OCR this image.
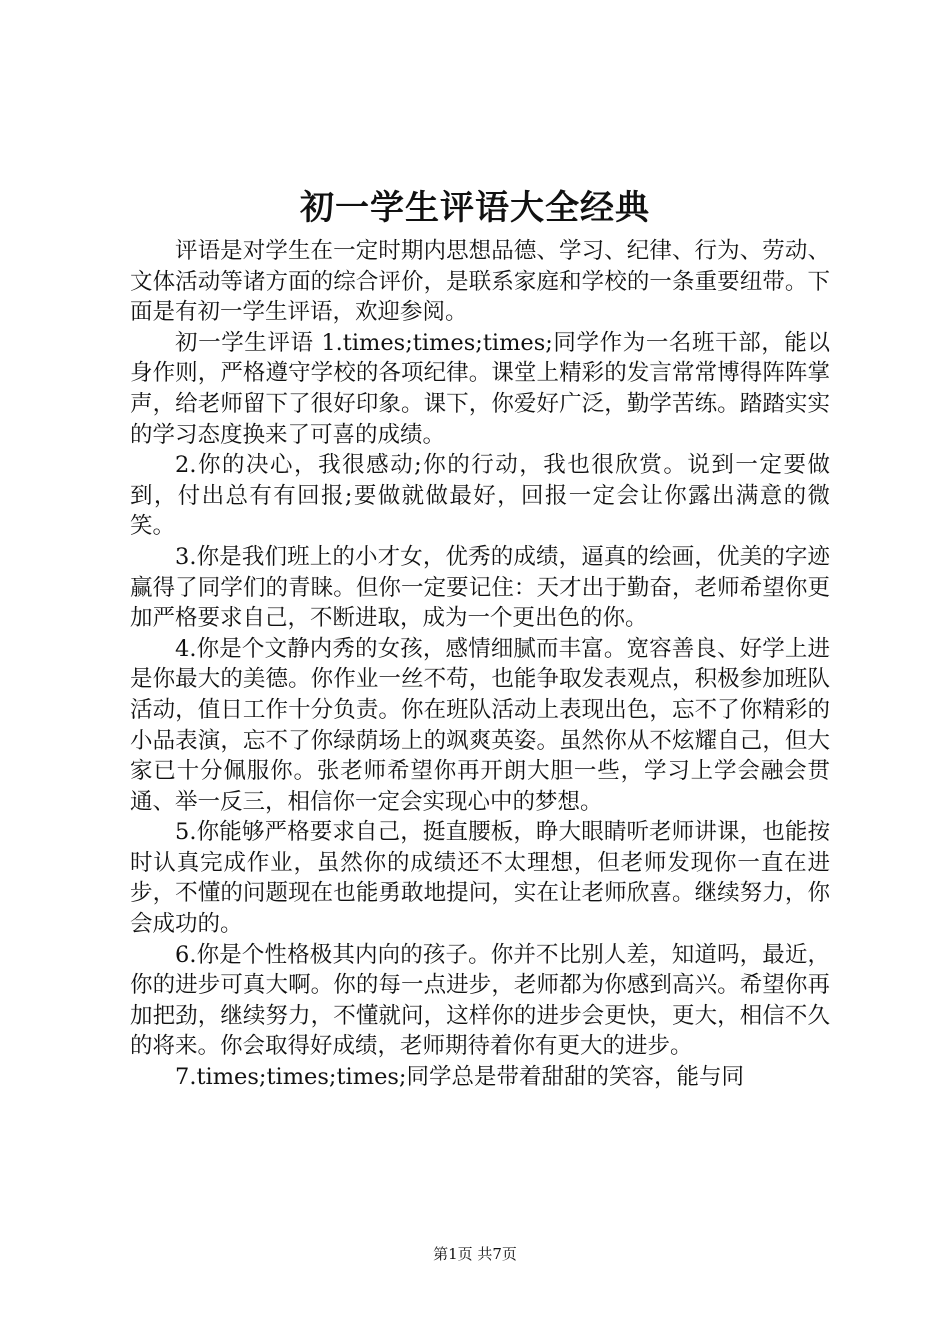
初一学生评语大全经典

评语是对学生在一定时期内思想品德、学习、纪律、行为、劳动、文体活动等诸方面的综合评价，是联系家庭和学校的一条重要纽带。下面是有初一学生评语，欢迎参阅。

初一学生评语 1.times;times;times;同学作为一名班干部，能以身作则，严格遵守学校的各项纪律。课堂上精彩的发言常常博得阵阵掌声，给老师留下了很好印象。课下，你爱好广泛，勤学苦练。踏踏实实的学习态度换来了可喜的成绩。

2.你的决心，我很感动;你的行动，我也很欣赏。说到一定要做到，付出总有有回报;要做就做最好，回报一定会让你露出满意的微笑。

3.你是我们班上的小才女，优秀的成绩，逼真的绘画，优美的字迹赢得了同学们的青睐。但你一定要记住：天才出于勤奋，老师希望你更加严格要求自己，不断进取，成为一个更出色的你。

4.你是个文静内秀的女孩，感情细腻而丰富。宽容善良、好学上进是你最大的美德。你作业一丝不苟，也能争取发表观点，积极参加班队活动，值日工作十分负责。你在班队活动上表现出色，忘不了你精彩的小品表演，忘不了你绿荫场上的飒爽英姿。虽然你从不炫耀自己，但大家已十分佩服你。张老师希望你再开朗大胆一些，学习上学会融会贯通、举一反三，相信你一定会实现心中的梦想。

5.你能够严格要求自己，挺直腰板，睁大眼睛听老师讲课，也能按时认真完成作业，虽然你的成绩还不太理想，但老师发现你一直在进步，不懂的问题现在也能勇敢地提问，实在让老师欣喜。继续努力，你会成功的。

6.你是个性格极其内向的孩子。你并不比别人差，知道吗，最近，你的进步可真大啊。你的每一点进步，老师都为你感到高兴。希望你再加把劲，继续努力，不懂就问，这样你的进步会更快，更大，相信不久的将来。你会取得好成绩，老师期待着你有更大的进步。

7.times;times;times;同学总是带着甜甜的笑容，能与同

第1页 共7页
